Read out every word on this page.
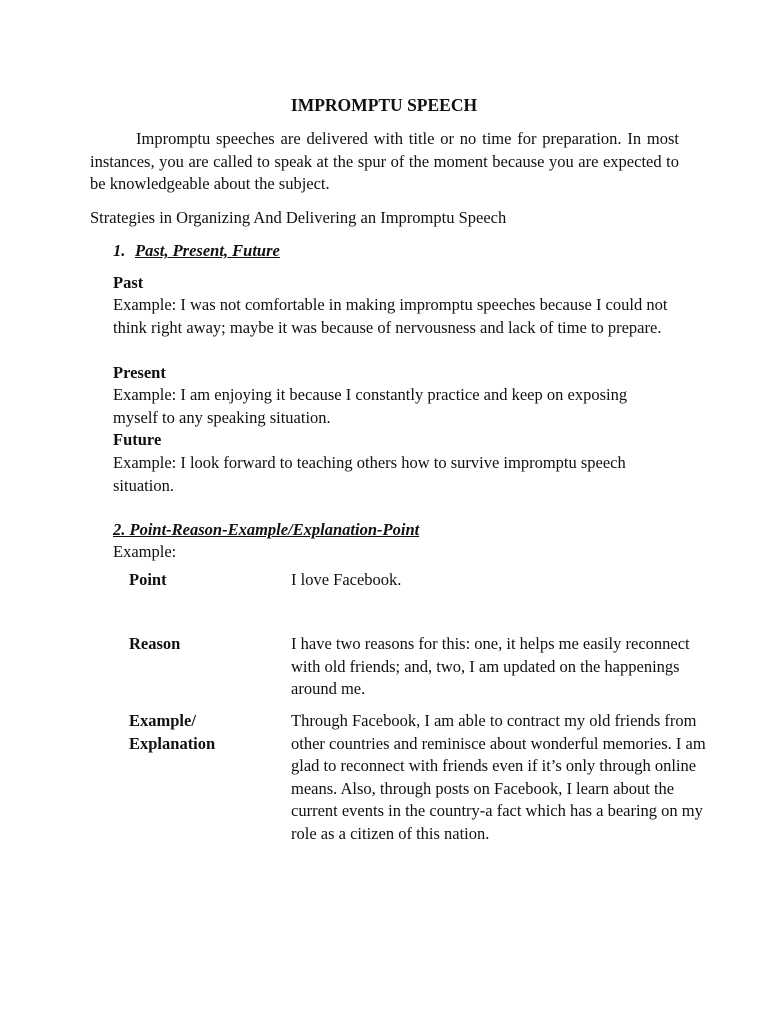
IMPROMPTU SPEECH

Impromptu speeches are delivered with title or no time for preparation. In most instances, you are called to speak at the spur of the moment because you are expected to be knowledgeable about the subject.

Strategies in Organizing And Delivering an Impromptu Speech
1. Past, Present, Future
Past

Example: I was not comfortable in making impromptu speeches because I could not think right away; maybe it was because of nervousness and lack of time to prepare.

Present

Example: I am enjoying it because I constantly practice and keep on exposing myself to any speaking situation.

Future

Example: I look forward to teaching others how to survive impromptu speech situation.

2. Point-Reason-Example/Explanation-Point
Example:
Point	I love Facebook.

Reason	I have two reasons for this: one, it helps me easily reconnect with old friends; and, two, I am updated on the happenings around me.

Example/
Explanation

Through Facebook, I am able to contract my old friends from other countries and reminisce about wonderful memories. I am glad to reconnect with friends even if it’s only through online means. Also, through posts on Facebook, I learn about the current events in the country-a fact which has a bearing on my role as a citizen of this nation.
